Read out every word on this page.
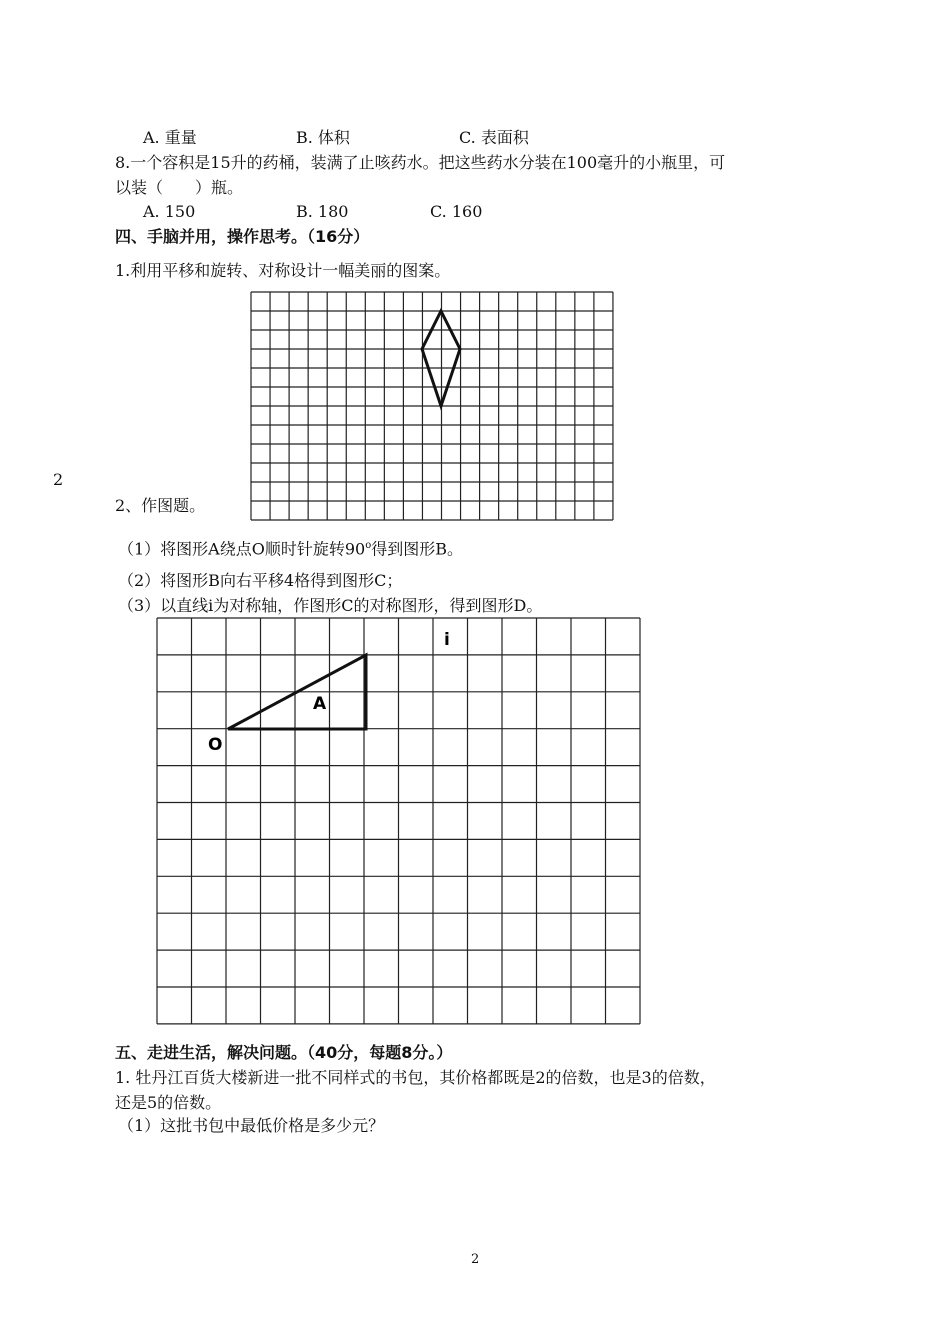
A. 重量	B. 体积	C. 表面积
8.一个容积是15升的药桶，装满了止咳药水。把这些药水分装在100毫升的小瓶里，可
以装（　　）瓶。
A. 150	B. 180	C. 160
四、手脑并用，操作思考。（16分）
1.利用平移和旋转、对称设计一幅美丽的图案。
2
2、作图题。
（1）将图形A绕点O顺时针旋转90$^o$得到图形B。
（2）将图形B向右平移4格得到图形C；
（3）以直线i为对称轴，作图形C的对称图形，得到图形D。
i
A
O
五、走进生活，解决问题。（40分，每题8分。）
1. 牡丹江百货大楼新进一批不同样式的书包，其价格都既是2的倍数，也是3的倍数，
还是5的倍数。
（1）这批书包中最低价格是多少元？
2
